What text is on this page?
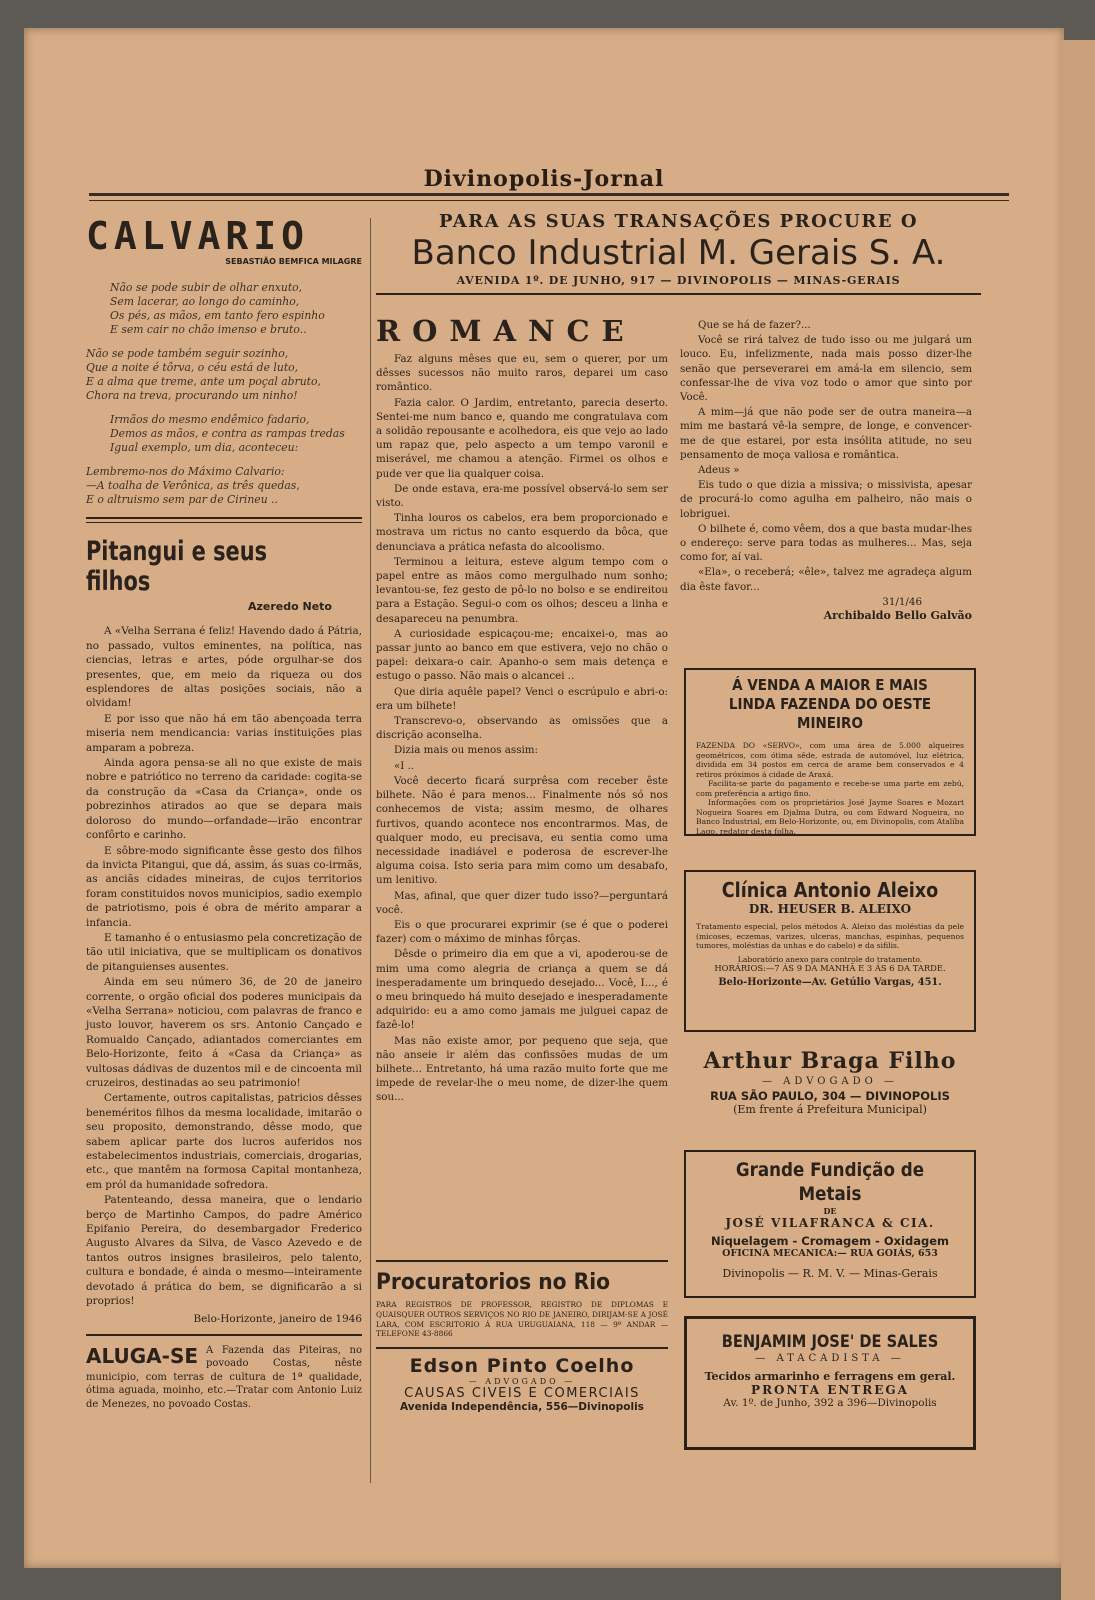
Divinopolis-Jornal
CALVARIO
SEBASTIÃO BEMFICA MILAGRE
Não se pode subir de olhar enxuto,
Sem lacerar, ao longo do caminho,
Os pés, as mãos, em tanto fero espinho
E sem cair no chão imenso e bruto..
Não se pode também seguir sozinho,
Que a noite é tôrva, o céu está de luto,
E a alma que treme, ante um poçal abruto,
Chora na treva, procurando um ninho!
Irmãos do mesmo endêmico fadario,
Demos as mãos, e contra as rampas tredas
Igual exemplo, um dia, aconteceu:
Lembremo-nos do Máximo Calvario:
—A toalha de Verônica, as três quedas,
E o altruismo sem par de Cirineu ..
Pitangui e seus filhos
Azeredo Neto

A «Velha Serrana é feliz! Havendo dado á Pátria, no passado, vultos eminentes, na política, nas ciencias, letras e artes, póde orgulhar-se dos presentes, que, em meio da riqueza ou dos esplendores de altas posições sociais, não a olvidam!

E por isso que não há em tão abençoada terra miseria nem mendicancia: varias instituições pias amparam a pobreza.

Ainda agora pensa-se ali no que existe de mais nobre e patriótico no terreno da caridade: cogita-se da construção da «Casa da Criança», onde os pobrezinhos atirados ao que se depara mais doloroso do mundo—orfandade—irão encontrar confôrto e carinho.

E sôbre-modo significante êsse gesto dos filhos da invicta Pitangui, que dá, assim, ás suas co-irmãs, as anciãs cidades mineiras, de cujos territorios foram constituidos novos municipios, sadio exemplo de patriotismo, pois é obra de mérito amparar a infancia.

E tamanho é o entusiasmo pela concretização de tão util iniciativa, que se multiplicam os donativos de pitanguienses ausentes.

Ainda em seu número 36, de 20 de janeiro corrente, o orgão oficial dos poderes municipais da «Velha Serrana» noticiou, com palavras de franco e justo louvor, haverem os srs. Antonio Cançado e Romualdo Cançado, adiantados comerciantes em Belo-Horizonte, feito á «Casa da Criança» as vultosas dádivas de duzentos mil e de cincoenta mil cruzeiros, destinadas ao seu patrimonio!

Certamente, outros capitalistas, patricios dêsses beneméritos filhos da mesma localidade, imitarão o seu proposito, demonstrando, dêsse modo, que sabem aplicar parte dos lucros auferidos nos estabelecimentos industriais, comerciais, drogarias, etc., que mantêm na formosa Capital montanheza, em pról da humanidade sofredora.

Patenteando, dessa maneira, que o lendario berço de Martinho Campos, do padre Américo Epifanio Pereira, do desembargador Frederico Augusto Alvares da Silva, de Vasco Azevedo e de tantos outros insignes brasileiros, pelo talento, cultura e bondade, é ainda o mesmo—inteiramente devotado á prática do bem, se dignificarão a si proprios!

Belo-Horizonte, janeiro de 1946
ALUGA-SE A Fazenda das Piteiras, no povoado Costas, nêste municipio, com terras de cultura de 1ª qualidade, ótima aguada, moinho, etc.—Tratar com Antonio Luiz de Menezes, no povoado Costas.
PARA AS SUAS TRANSAÇÕES PROCURE O
Banco Industrial M. Gerais S. A.
AVENIDA 1º. DE JUNHO, 917 — DIVINOPOLIS — MINAS-GERAIS
ROMANCE

Faz alguns mêses que eu, sem o querer, por um dêsses sucessos não muito raros, deparei um caso romântico.

Fazia calor. O Jardim, entretanto, parecia deserto. Sentei-me num banco e, quando me congratulava com a solidão repousante e acolhedora, eis que vejo ao lado um rapaz que, pelo aspecto a um tempo varonil e miserável, me chamou a atenção. Firmei os olhos e pude ver que lia qualquer coisa.

De onde estava, era-me possível observá-lo sem ser visto.

Tinha louros os cabelos, era bem proporcionado e mostrava um rictus no canto esquerdo da bôca, que denunciava a prática nefasta do alcoolismo.

Terminou a leitura, esteve algum tempo com o papel entre as mãos como mergulhado num sonho; levantou-se, fez gesto de pô-lo no bolso e se endireitou para a Estação. Segui-o com os olhos; desceu a linha e desapareceu na penumbra.

A curiosidade espicaçou-me; encaixei-o, mas ao passar junto ao banco em que estivera, vejo no chão o papel: deixara-o cair. Apanho-o sem mais detença e estugo o passo. Não mais o alcancei ..

Que diria aquêle papel? Venci o escrúpulo e abri-o: era um bilhete!

Transcrevo-o, observando as omissões que a discrição aconselha.

Dizia mais ou menos assim:

«I ..

Você decerto ficará surprêsa com receber êste bilhete. Não é para menos... Finalmente nós só nos conhecemos de vista; assim mesmo, de olhares furtivos, quando acontece nos encontrarmos. Mas, de qualquer modo, eu precisava, eu sentia como uma necessidade inadiável e poderosa de escrever-lhe alguma coisa. Isto seria para mim como um desabafo, um lenitivo.

Mas, afinal, que quer dizer tudo isso?—perguntará você.

Eis o que procurarei exprimir (se é que o poderei fazer) com o máximo de minhas fôrças.

Dêsde o primeiro dia em que a vi, apoderou-se de mim uma como alegria de criança a quem se dá inesperadamente um brinquedo desejado... Você, I..., é o meu brinquedo há muito desejado e inesperadamente adquirido: eu a amo como jamais me julguei capaz de fazê-lo!

Mas não existe amor, por pequeno que seja, que não anseie ir além das confissões mudas de um bilhete... Entretanto, há uma razão muito forte que me impede de revelar-lhe o meu nome, de dizer-lhe quem sou...

Que se há de fazer?...

Você se rirá talvez de tudo isso ou me julgará um louco. Eu, infelizmente, nada mais posso dizer-lhe senão que perseverarei em amá-la em silencio, sem confessar-lhe de viva voz todo o amor que sinto por Você.

A mim—já que não pode ser de outra maneira—a mim me bastará vê-la sempre, de longe, e convencer-me de que estarei, por esta insólita atitude, no seu pensamento de moça valiosa e romântica.

Adeus »

Eis tudo o que dizia a missiva; o missivista, apesar de procurá-lo como agulha em palheiro, não mais o lobriguei.

O bilhete é, como vêem, dos a que basta mudar-lhes o endereço: serve para todas as mulheres... Mas, seja como for, aí vai.

«Ela», o receberá; «êle», talvez me agradeça algum dia êste favor...

31/1/46
Archibaldo Bello Galvão
Procuratorios no Rio
PARA REGISTROS DE PROFESSOR, REGISTRO DE DIPLOMAS E QUAISQUER OUTROS SERVIÇOS NO RIO DE JANEIRO, DIRIJAM-SE A JOSÉ LARA, COM ESCRITORIO Á RUA URUGUAIANA, 118 — 9º ANDAR — TELEFONE 43-8866
Edson Pinto Coelho
— ADVOGADO —
CAUSAS CIVEIS E COMERCIAIS
Avenida Independência, 556—Divinopolis
Á VENDA A MAIOR E MAIS LINDA FAZENDA DO OESTE MINEIRO
FAZENDA DO «SERVO», com uma área de 5.000 alqueires geométricos, com ótima sêde, estrada de automóvel, luz elétrica, dividida em 34 postos em cerca de arame bem conservados e 4 retiros próximos á cidade de Araxá.
Facilita-se parte do pagamento e recebe-se uma parte em zebú, com preferência a artigo fino.
Informações com os proprietários José Jayme Soares e Mozart Nogueira Soares em Djalma Dutra, ou com Edward Nogueira, no Banco Industrial, em Belo-Horizonte, ou, em Divinopolis, com Atalíba Lago, redator desta folha.
Clínica Antonio Aleixo
DR. HEUSER B. ALEIXO
Tratamento especial, pelos métodos A. Aleixo das moléstias da pele (micoses, eczemas, varizes, ulceras, manchas, espinhas, pequenos tumores, moléstias da unhas e do cabelo) e da sifilis.
Laboratório anexo para controle do tratamento.
HORÁRIOS:—7 ÁS 9 DA MANHÃ E 3 ÁS 6 DA TARDE.
Belo-Horizonte—Av. Getúlio Vargas, 451.
Arthur Braga Filho
— ADVOGADO —
RUA SÃO PAULO, 304 — DIVINOPOLIS
(Em frente á Prefeitura Municipal)
Grande Fundição de Metais
DE
JOSÉ VILAFRANCA & CIA.
Niquelagem - Cromagem - Oxidagem
OFICINA MECANICA:— RUA GOIÁS, 653
Divinopolis — R. M. V. — Minas-Gerais
BENJAMIM JOSE' DE SALES
— ATACADISTA —
Tecidos armarinho e ferragens em geral.
PRONTA ENTREGA
Av. 1º. de Junho, 392 a 396—Divinopolis
